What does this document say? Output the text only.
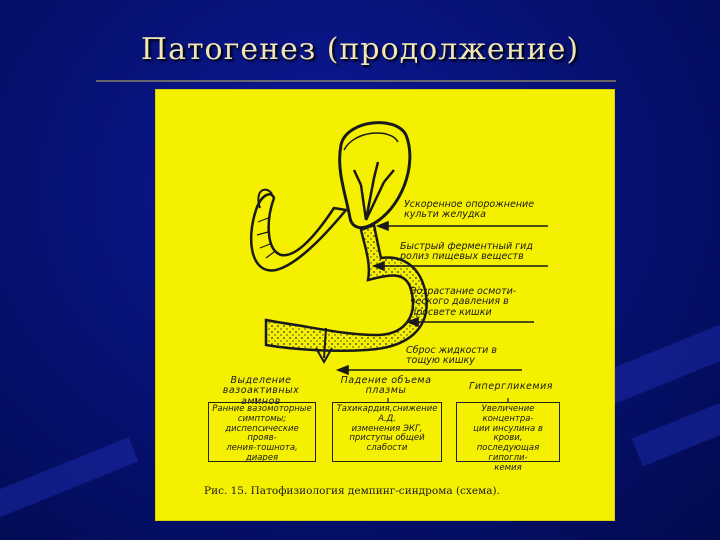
Патогенез (продолжение)
Ускоренное опорожнение
культи желудка
Быстрый ферментный гид
ролиз пищевых веществ
Возрастание осмоти-
ческого давления в
просвете кишки
Сброс жидкости в
тощую кишку
Выделение
вазоактивных аминов
Падение объема
плазмы	Гипергликемия
Ранние вазомоторные
симптомы;
диспепсические прояв-
ления-тошнота,
диарея
Тахикардия,снижение А.Д.
изменения ЭКГ,
приступы общей
слабости
Увеличение концентра-
ции инсулина в крови,
последующая гипогли-
кемия
Рис. 15. Патофизиология демпинг-синдрома (схема).
